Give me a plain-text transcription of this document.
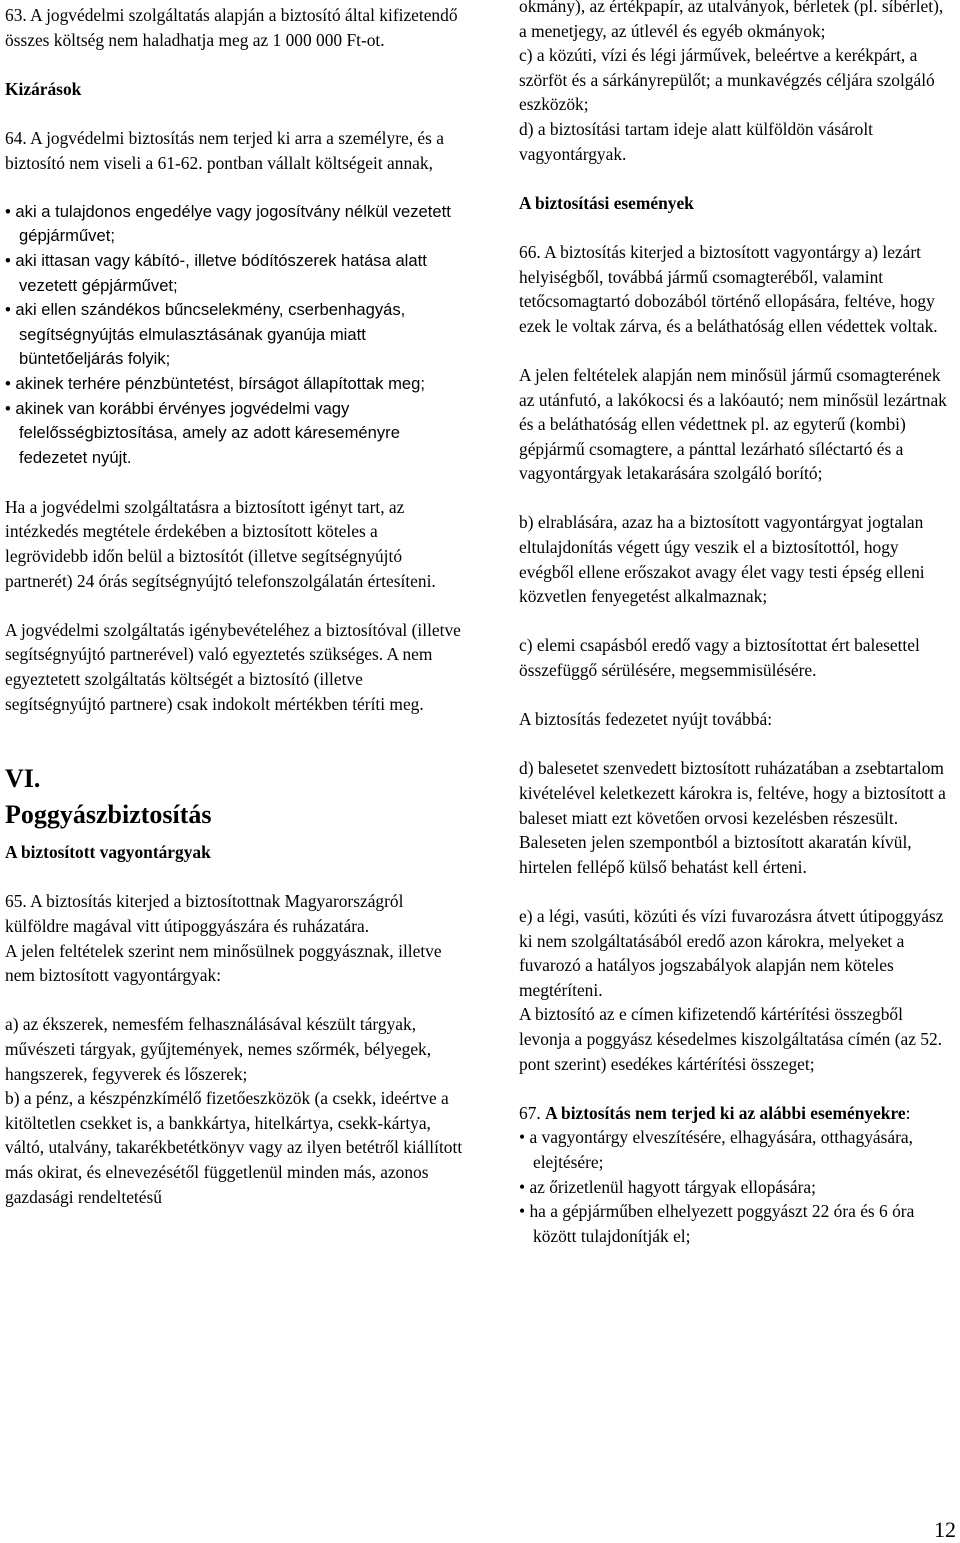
63. A jogvédelmi szolgáltatás alapján a biztosító által kifizetendő összes költség nem haladhatja meg az 1 000 000 Ft-ot.

Kizárások

64. A jogvédelmi biztosítás nem terjed ki arra a személyre, és a biztosító nem viseli a 61-62. pontban vállalt költségeit annak,

• aki a tulajdonos engedélye vagy jogosítvány nélkül vezetett gépjárművet;

• aki ittasan vagy kábító-, illetve bódítószerek hatása alatt vezetett gépjárművet;

• aki ellen szándékos bűncselekmény, cserbenhagyás, segítségnyújtás elmulasztásának gyanúja miatt büntetőeljárás folyik;

• akinek terhére pénzbüntetést, bírságot állapítottak meg;

• akinek van korábbi érvényes jogvédelmi vagy felelősségbiztosítása, amely az adott káreseményre fedezetet nyújt.

Ha a jogvédelmi szolgáltatásra a biztosított igényt tart, az intézkedés megtétele érdekében a biztosított köteles a legrövidebb időn belül a biztosítót (illetve segítségnyújtó partnerét) 24 órás segítségnyújtó telefonszolgálatán értesíteni.

A jogvédelmi szolgáltatás igénybevételéhez a biztosítóval (illetve segítségnyújtó partnerével) való egyeztetés szükséges. A nem egyeztetett szolgáltatás költségét a biztosító (illetve segítségnyújtó partnere) csak indokolt mértékben téríti meg.

VI.

Poggyászbiztosítás

A biztosított vagyontárgyak

65. A biztosítás kiterjed a biztosítottnak Magyarországról külföldre magával vitt útipoggyászára és ruházatára.

A jelen feltételek szerint nem minősülnek poggyásznak, illetve nem biztosított vagyontárgyak:

a) az ékszerek, nemesfém felhasználásával készült tárgyak, művészeti tárgyak, gyűjtemények, nemes szőrmék, bélyegek, hangszerek, fegyverek és lőszerek;

b) a pénz, a készpénzkímélő fizetőeszközök (a csekk, ideértve a kitöltetlen csekket is, a bankkártya, hitelkártya, csekk-kártya, váltó, utalvány, takarékbetétkönyv vagy az ilyen betétről kiállított más okirat, és elnevezésétől függetlenül minden más, azonos gazdasági rendeltetésű

okmány), az értékpapír, az utalványok, bérletek (pl. síbérlet), a menetjegy, az útlevél és egyéb okmányok;

c) a közúti, vízi és légi járművek, beleértve a kerékpárt, a szörföt és a sárkányrepülőt; a munkavégzés céljára szolgáló eszközök;

d) a biztosítási tartam ideje alatt külföldön vásárolt vagyontárgyak.

A biztosítási események

66. A biztosítás kiterjed a biztosított vagyontárgy a) lezárt helyiségből, továbbá jármű csomagteréből, valamint tetőcsomagtartó dobozából történő ellopására, feltéve, hogy ezek le voltak zárva, és a beláthatóság ellen védettek voltak.

A jelen feltételek alapján nem minősül jármű csomagterének az utánfutó, a lakókocsi és a lakóautó; nem minősül lezártnak és a beláthatóság ellen védettnek pl. az egyterű (kombi) gépjármű csomagtere, a pánttal lezárható síléctartó és a vagyontárgyak letakarására szolgáló borító;

b) elrablására, azaz ha a biztosított vagyontárgyat jogtalan eltulajdonítás végett úgy veszik el a biztosítottól, hogy evégből ellene erőszakot avagy élet vagy testi épség elleni közvetlen fenyegetést alkalmaznak;

c) elemi csapásból eredő vagy a biztosítottat ért balesettel összefüggő sérülésére, megsemmisülésére.

A biztosítás fedezetet nyújt továbbá:

d) balesetet szenvedett biztosított ruházatában a zsebtartalom kivételével keletkezett károkra is, feltéve, hogy a biztosított a baleset miatt ezt követően orvosi kezelésben részesült.

Baleseten jelen szempontból a biztosított akaratán kívül, hirtelen fellépő külső behatást kell érteni.

e) a légi, vasúti, közúti és vízi fuvarozásra átvett útipoggyász ki nem szolgáltatásából eredő azon károkra, melyeket a fuvarozó a hatályos jogszabályok alapján nem köteles megtéríteni.

A biztosító az e címen kifizetendő kártérítési összegből levonja a poggyász késedelmes kiszolgáltatása címén (az 52. pont szerint) esedékes kártérítési összeget;

67. A biztosítás nem terjed ki az alábbi eseményekre:

• a vagyontárgy elveszítésére, elhagyására, otthagyására, elejtésére;

• az őrizetlenül hagyott tárgyak ellopására;

• ha a gépjárműben elhelyezett poggyászt 22 óra és 6 óra között tulajdonítják el;

12
